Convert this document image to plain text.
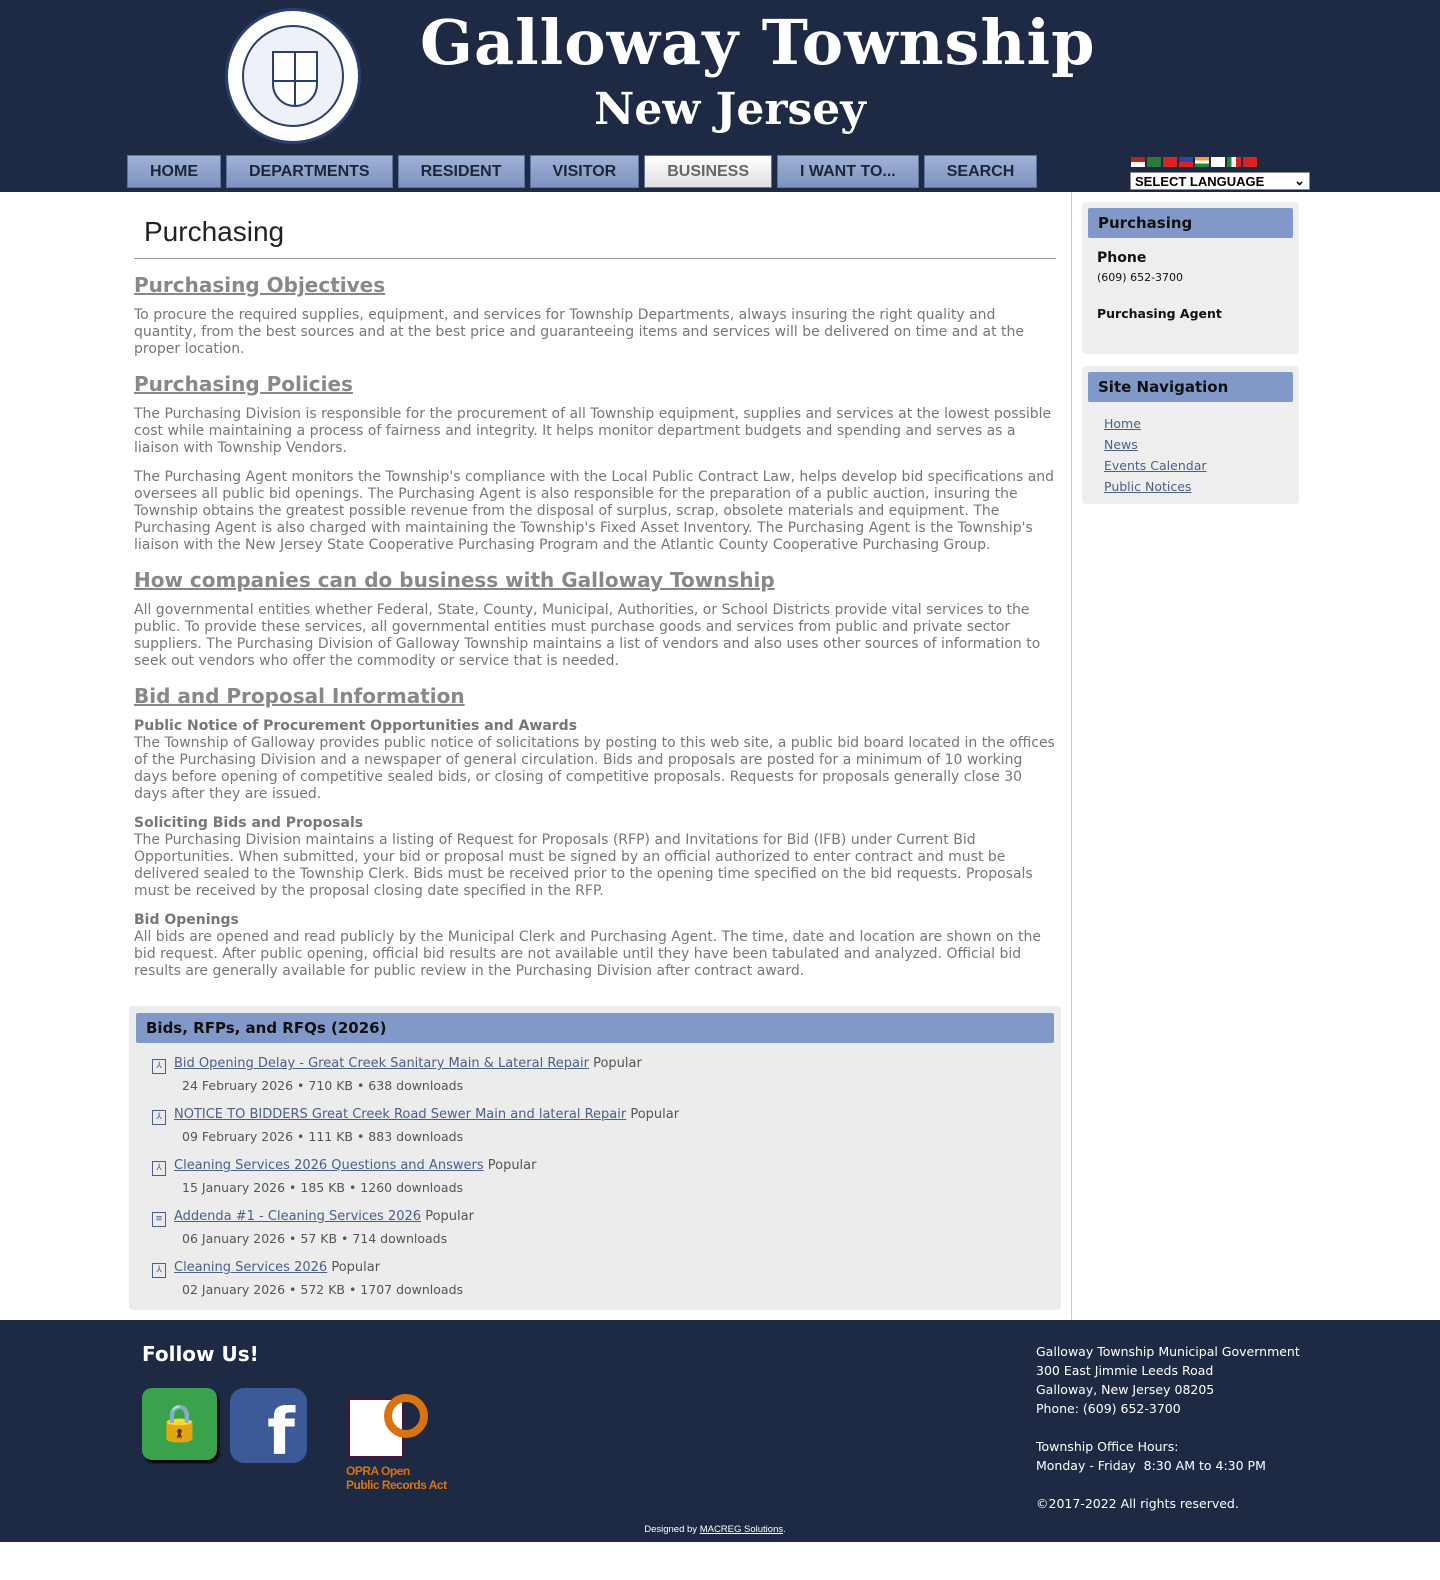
Galloway Township
New Jersey
HOME	DEPARTMENTS	RESIDENT	VISITOR	BUSINESS	I WANT TO...	SEARCH
SELECT LANGUAGE ⌄
Purchasing
Purchasing Objectives

To procure the required supplies, equipment, and services for Township Departments, always insuring the right quality and quantity, from the best sources and at the best price and guaranteeing items and services will be delivered on time and at the proper location.

Purchasing Policies

The Purchasing Division is responsible for the procurement of all Township equipment, supplies and services at the lowest possible cost while maintaining a process of fairness and integrity. It helps monitor department budgets and spending and serves as a liaison with Township Vendors.

The Purchasing Agent monitors the Township's compliance with the Local Public Contract Law, helps develop bid specifications and oversees all public bid openings. The Purchasing Agent is also responsible for the preparation of a public auction, insuring the Township obtains the greatest possible revenue from the disposal of surplus, scrap, obsolete materials and equipment. The Purchasing Agent is also charged with maintaining the Township's Fixed Asset Inventory. The Purchasing Agent is the Township's liaison with the New Jersey State Cooperative Purchasing Program and the Atlantic County Cooperative Purchasing Group.

How companies can do business with Galloway Township

All governmental entities whether Federal, State, County, Municipal, Authorities, or School Districts provide vital services to the public. To provide these services, all governmental entities must purchase goods and services from public and private sector suppliers. The Purchasing Division of Galloway Township maintains a list of vendors and also uses other sources of information to seek out vendors who offer the commodity or service that is needed.

Bid and Proposal Information

Public Notice of Procurement Opportunities and Awards
The Township of Galloway provides public notice of solicitations by posting to this web site, a public bid board located in the offices of the Purchasing Division and a newspaper of general circulation. Bids and proposals are posted for a minimum of 10 working days before opening of competitive sealed bids, or closing of competitive proposals. Requests for proposals generally close 30 days after they are issued.

Soliciting Bids and Proposals
The Purchasing Division maintains a listing of Request for Proposals (RFP) and Invitations for Bid (IFB) under Current Bid Opportunities. When submitted, your bid or proposal must be signed by an official authorized to enter contract and must be delivered sealed to the Township Clerk. Bids must be received prior to the opening time specified on the bid requests. Proposals must be received by the proposal closing date specified in the RFP.

Bid Openings
All bids are opened and read publicly by the Municipal Clerk and Purchasing Agent. The time, date and location are shown on the bid request. After public opening, official bid results are not available until they have been tabulated and analyzed. Official bid results are generally available for public review in the Purchasing Division after contract award.

Bids, RFPs, and RFQs (2026)
⅄ Bid Opening Delay - Great Creek Sanitary Main & Lateral Repair Popular
24 February 2026 • 710 KB • 638 downloads
⅄ NOTICE TO BIDDERS Great Creek Road Sewer Main and lateral Repair Popular
09 February 2026 • 111 KB • 883 downloads
⅄ Cleaning Services 2026 Questions and Answers Popular
15 January 2026 • 185 KB • 1260 downloads
≡ Addenda #1 - Cleaning Services 2026 Popular
06 January 2026 • 57 KB • 714 downloads
⅄ Cleaning Services 2026 Popular
02 January 2026 • 572 KB • 1707 downloads
Purchasing
Phone
(609) 652-3700
Purchasing Agent
Site Navigation
Home
News
Events Calendar
Public Notices
Follow Us!
🔒	f
OPRA Open
Public Records Act
Galloway Township Municipal Government
300 East Jimmie Leeds Road
Galloway, New Jersey 08205
Phone: (609) 652-3700
Township Office Hours:
Monday - Friday  8:30 AM to 4:30 PM
©2017-2022 All rights reserved.
Designed by MACREG Solutions.
